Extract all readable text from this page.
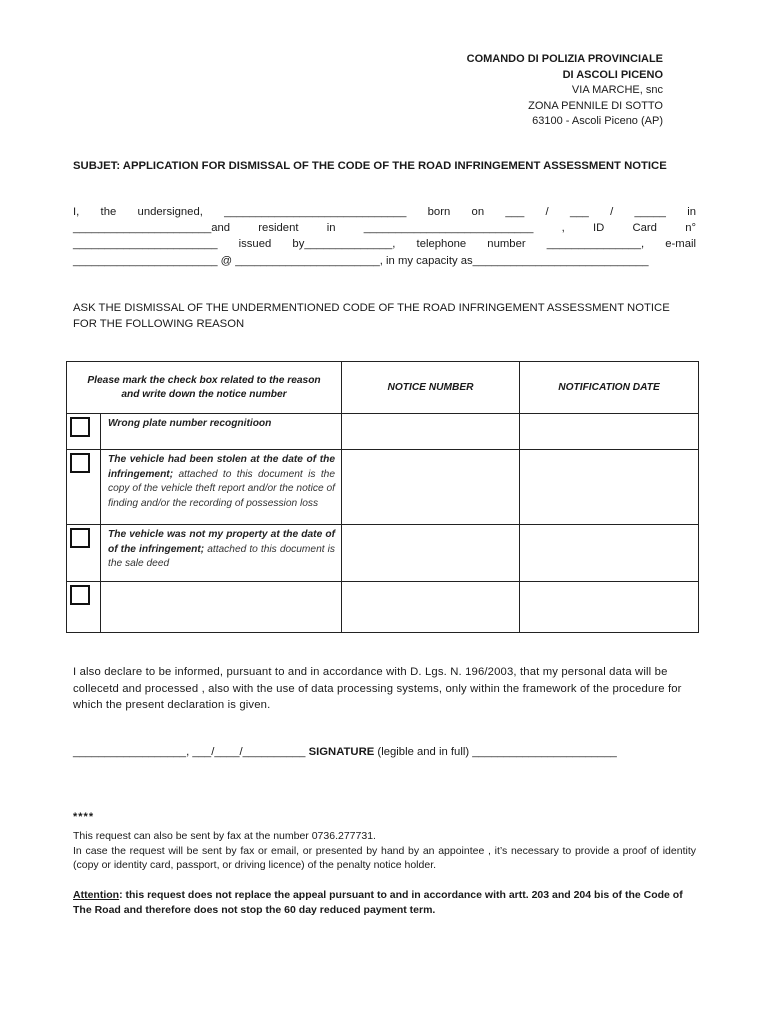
COMANDO DI POLIZIA PROVINCIALE
DI ASCOLI PICENO
VIA MARCHE, snc
ZONA PENNILE DI SOTTO
63100 - Ascoli Piceno (AP)
SUBJET: APPLICATION FOR DISMISSAL OF THE CODE OF THE ROAD INFRINGEMENT ASSESSMENT NOTICE
I, the undersigned, _____________________________ born on ___ / ___ / _____ in
______________________and resident in ___________________________ , ID Card n°
_______________________ issued by______________, telephone number _______________, e-mail
_______________________ @ _______________________, in my capacity as____________________________
ASK THE DISMISSAL OF THE UNDERMENTIONED CODE OF THE ROAD INFRINGEMENT ASSESSMENT NOTICE FOR THE FOLLOWING REASON
Please mark the check box related to the reason and write down the notice number		NOTICE NUMBER	NOTIFICATION DATE

	Wrong plate number recognitioon		

	The vehicle had been stolen at the date of the infringement; attached to this document is the copy of the vehicle theft report and/or the notice of finding and/or the recording of possession loss		

	The vehicle was not my property at the date of of the infringement; attached to this document is the sale deed		

I also declare to be informed, pursuant to and in accordance with D. Lgs. N. 196/2003, that my personal data will be collecetd and processed , also with the use of data processing systems, only within the framework of the procedure for which the present declaration is given.
__________________, ___/____/__________ SIGNATURE (legible and in full) _______________________
****
This request can also be sent by fax at the number 0736.277731.
In case the request will be sent by fax or email, or presented by hand by an appointee , it’s necessary to provide a proof of identity (copy or identity card, passport, or driving licence) of the penalty notice holder.
Attention: this request does not replace the appeal pursuant to and in accordance with artt. 203 and 204 bis of the Code of The Road and therefore does not stop the 60 day reduced payment term.
